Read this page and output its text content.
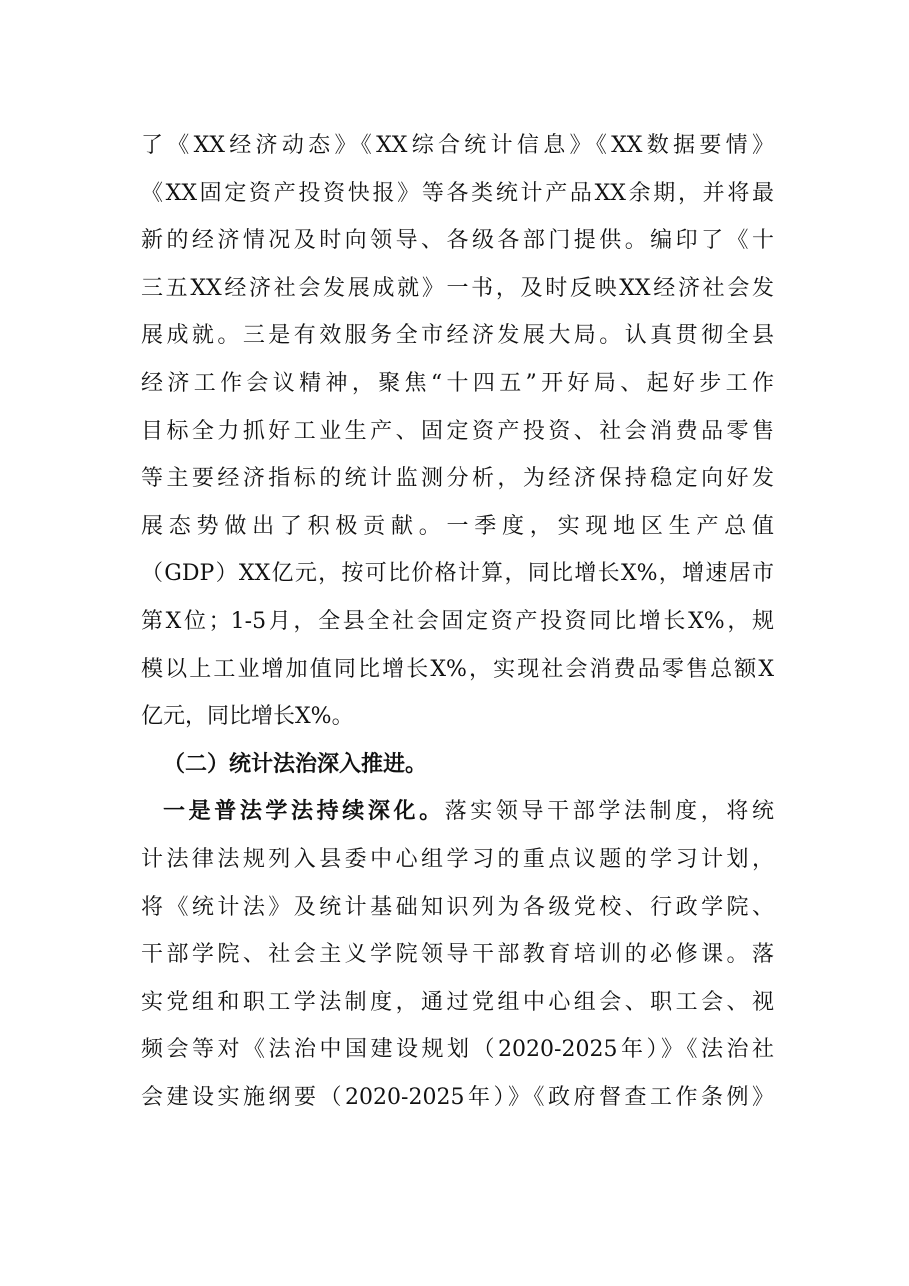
了《XX经济动态》《XX综合统计信息》《XX数据要情》
《XX固定资产投资快报》等各类统计产品XX余期，并将最
新的经济情况及时向领导、各级各部门提供。编印了《十
三五XX经济社会发展成就》一书，及时反映XX经济社会发
展成就。三是有效服务全市经济发展大局。认真贯彻全县
经济工作会议精神，聚焦“十四五”开好局、起好步工作
目标全力抓好工业生产、固定资产投资、社会消费品零售
等主要经济指标的统计监测分析，为经济保持稳定向好发
展态势做出了积极贡献。一季度，实现地区生产总值
（GDP）XX亿元，按可比价格计算，同比增长X%，增速居市
第X位；1-5月，全县全社会固定资产投资同比增长X%，规
模以上工业增加值同比增长X%，实现社会消费品零售总额X
亿元，同比增长X%。
（二）统计法治深入推进。
一是普法学法持续深化。落实领导干部学法制度，将统
计法律法规列入县委中心组学习的重点议题的学习计划，
将《统计法》及统计基础知识列为各级党校、行政学院、
干部学院、社会主义学院领导干部教育培训的必修课。落
实党组和职工学法制度，通过党组中心组会、职工会、视
频会等对《法治中国建设规划（2020-2025年）》《法治社
会建设实施纲要（2020-2025年）》《政府督查工作条例》
